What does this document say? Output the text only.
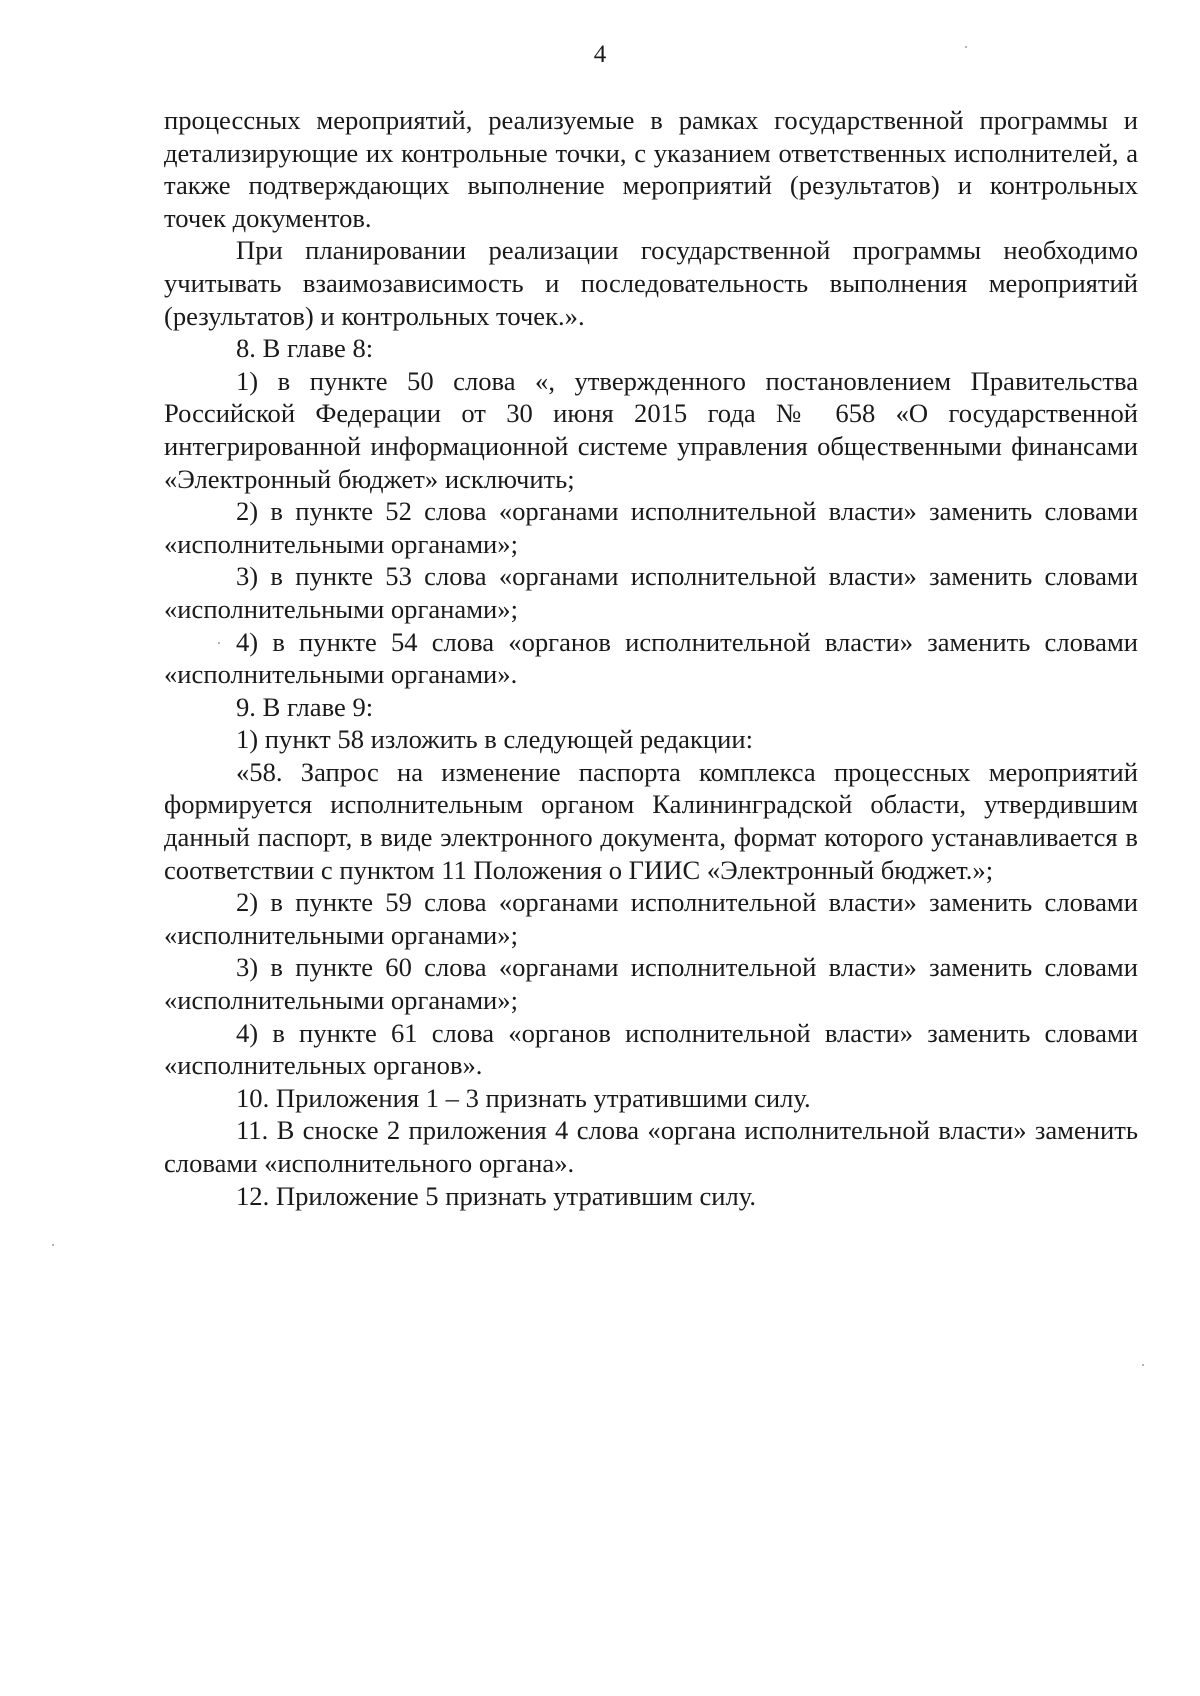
4

процессных мероприятий, реализуемые в рамках государственной программы и детализирующие их контрольные точки, с указанием ответственных исполнителей, а также подтверждающих выполнение мероприятий (результатов) и контрольных точек документов.

При планировании реализации государственной программы необходимо учитывать взаимозависимость и последовательность выполнения мероприятий (результатов) и контрольных точек.».

8. В главе 8:

1) в пункте 50 слова «, утвержденного постановлением Правительства Российской Федерации от 30 июня 2015 года № 658 «О государственной интегрированной информационной системе управления общественными финансами «Электронный бюджет» исключить;

2) в пункте 52 слова «органами исполнительной власти» заменить словами «исполнительными органами»;

3) в пункте 53 слова «органами исполнительной власти» заменить словами «исполнительными органами»;

4) в пункте 54 слова «органов исполнительной власти» заменить словами «исполнительными органами».

9. В главе 9:

1) пункт 58 изложить в следующей редакции:

«58. Запрос на изменение паспорта комплекса процессных мероприятий формируется исполнительным органом Калининградской области, утвердившим данный паспорт, в виде электронного документа, формат которого устанавливается в соответствии с пунктом 11 Положения о ГИИС «Электронный бюджет.»;

2) в пункте 59 слова «органами исполнительной власти» заменить словами «исполнительными органами»;

3) в пункте 60 слова «органами исполнительной власти» заменить словами «исполнительными органами»;

4) в пункте 61 слова «органов исполнительной власти» заменить словами «исполнительных органов».

10. Приложения 1 – 3 признать утратившими силу.

11. В сноске 2 приложения 4 слова «органа исполнительной власти» заменить словами «исполнительного органа».

12. Приложение 5 признать утратившим силу.
